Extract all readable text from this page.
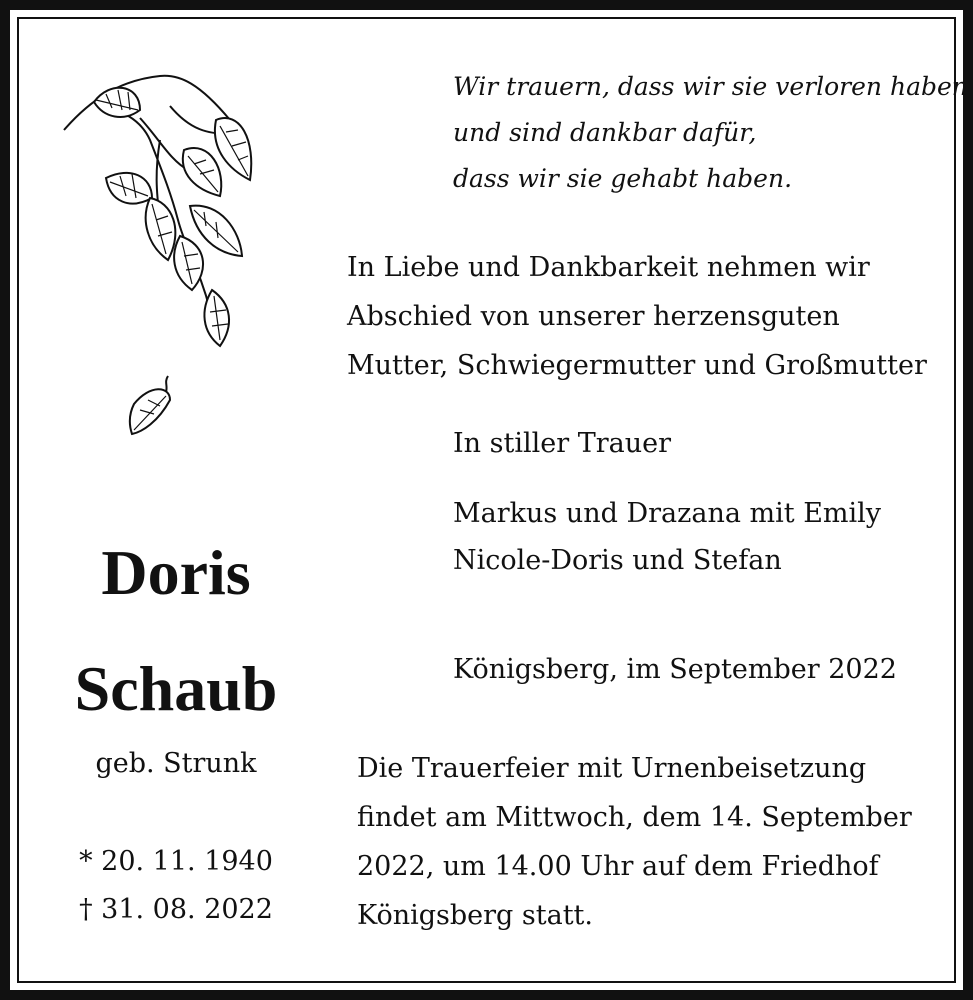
Wir trauern, dass wir sie verloren haben
und sind dankbar dafür,
dass wir sie gehabt haben.
In Liebe und Dankbarkeit nehmen wir
Abschied von unserer herzensguten
Mutter, Schwiegermutter und Großmutter
In stiller Trauer
Markus und Drazana mit Emily
Nicole-Doris und Stefan
Doris
Schaub
geb. Strunk
* 20. 11. 1940
† 31. 08. 2022
Königsberg, im September 2022
Die Trauerfeier mit Urnenbeisetzung
findet am Mittwoch, dem 14. September
2022, um 14.00 Uhr auf dem Friedhof
Königsberg statt.
